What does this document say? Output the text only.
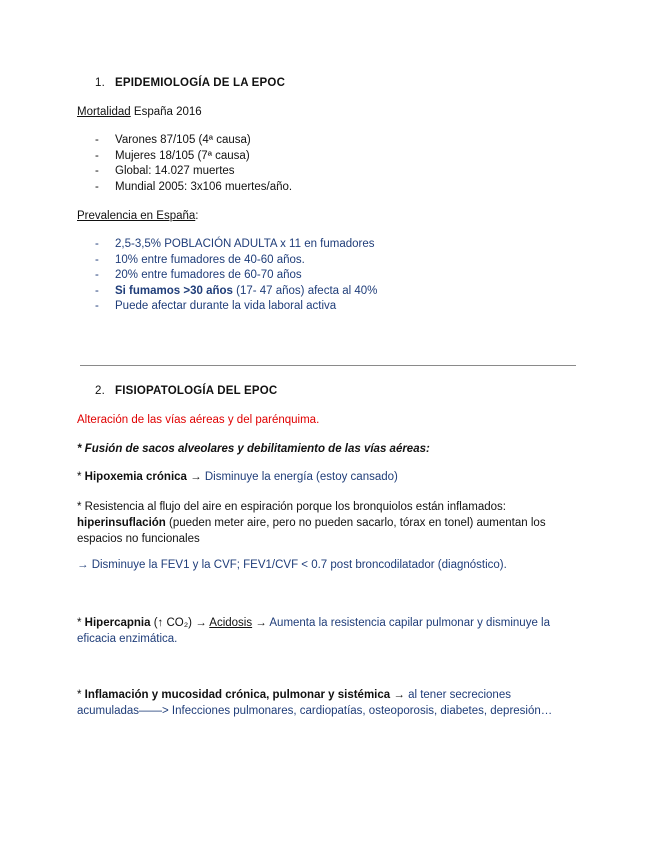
1. EPIDEMIOLOGÍA DE LA EPOC
Mortalidad España 2016
- Varones 87/105 (4ª causa)
- Mujeres 18/105 (7ª causa)
- Global: 14.027 muertes
- Mundial 2005: 3x106 muertes/año.
Prevalencia en España:
- 2,5-3,5% POBLACIÓN ADULTA x 11 en fumadores
- 10% entre fumadores de 40-60 años.
- 20% entre fumadores de 60-70 años
- Si fumamos >30 años (17- 47 años) afecta al 40%
- Puede afectar durante la vida laboral activa
2. FISIOPATOLOGÍA DEL EPOC
Alteración de las vías aéreas y del parénquima.
* Fusión de sacos alveolares y debilitamiento de las vías aéreas:
* Hipoxemia crónica → Disminuye la energía (estoy cansado)
* Resistencia al flujo del aire en espiración porque los bronquiolos están inflamados:
hiperinsuflación (pueden meter aire, pero no pueden sacarlo, tórax en tonel) aumentan los espacios no funcionales
→ Disminuye la FEV1 y la CVF; FEV1/CVF < 0.7 post broncodilatador (diagnóstico).
* Hipercapnia (↑ CO₂) → Acidosis → Aumenta la resistencia capilar pulmonar y disminuye la eficacia enzimática.
* Inflamación y mucosidad crónica, pulmonar y sistémica → al tener secreciones acumuladas——> Infecciones pulmonares, cardiopatías, osteoporosis, diabetes, depresión…
